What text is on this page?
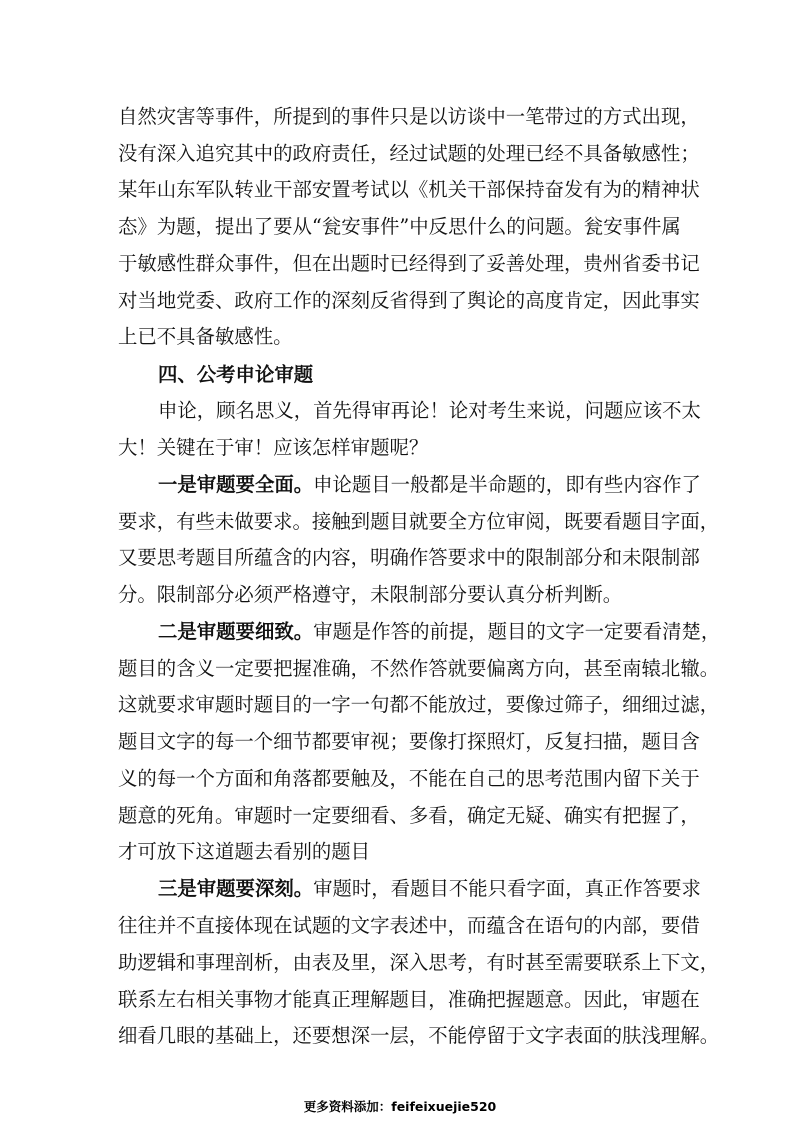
自然灾害等事件，所提到的事件只是以访谈中一笔带过的方式出现，
没有深入追究其中的政府责任，经过试题的处理已经不具备敏感性；
某年山东军队转业干部安置考试以《机关干部保持奋发有为的精神状
态》为题，提出了要从“瓮安事件”中反思什么的问题。瓮安事件属
于敏感性群众事件，但在出题时已经得到了妥善处理，贵州省委书记
对当地党委、政府工作的深刻反省得到了舆论的高度肯定，因此事实
上已不具备敏感性。
四、公考申论审题
申论，顾名思义，首先得审再论！论对考生来说，问题应该不太
大！关键在于审！应该怎样审题呢？
一是审题要全面。申论题目一般都是半命题的，即有些内容作了
要求，有些未做要求。接触到题目就要全方位审阅，既要看题目字面，
又要思考题目所蕴含的内容，明确作答要求中的限制部分和未限制部
分。限制部分必须严格遵守，未限制部分要认真分析判断。
二是审题要细致。审题是作答的前提，题目的文字一定要看清楚，
题目的含义一定要把握准确，不然作答就要偏离方向，甚至南辕北辙。
这就要求审题时题目的一字一句都不能放过，要像过筛子，细细过滤，
题目文字的每一个细节都要审视；要像打探照灯，反复扫描，题目含
义的每一个方面和角落都要触及，不能在自己的思考范围内留下关于
题意的死角。审题时一定要细看、多看，确定无疑、确实有把握了，
才可放下这道题去看别的题目
三是审题要深刻。审题时，看题目不能只看字面，真正作答要求
往往并不直接体现在试题的文字表述中，而蕴含在语句的内部，要借
助逻辑和事理剖析，由表及里，深入思考，有时甚至需要联系上下文，
联系左右相关事物才能真正理解题目，准确把握题意。因此，审题在
细看几眼的基础上，还要想深一层，不能停留于文字表面的肤浅理解。
更多资料添加：feifeixuejie520
